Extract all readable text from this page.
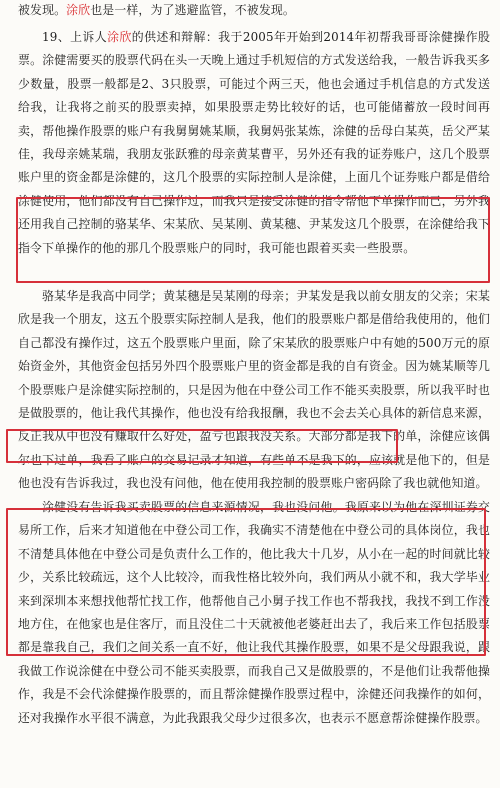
被发现。涂欣也是一样，为了逃避监管，不被发现。
19、上诉人涂欣的供述和辩解：我于2005年开始到2014年初帮我哥哥涂健操作股票。涂健需要买的股票代码在头一天晚上通过手机短信的方式发送给我，一般告诉我买多少数量，股票一般都是2、3只股票，可能过个两三天，他也会通过手机信息的方式发送给我，让我将之前买的股票卖掉，如果股票走势比较好的话，也可能储蓄放一段时间再卖，帮他操作股票的账户有我舅舅姚某顺，我舅妈张某炼，涂健的岳母白某英，岳父严某佳，我母亲姚某瑞，我朋友张跃雅的母亲黄某曹平，另外还有我的证券账户，这几个股票账户里的资金都是涂健的，这几个股票的实际控制人是涂健，上面几个证券账户都是借给涂健使用，他们都没有自己操作过，而我只是接受涂健的指令帮他下单操作而已，另外我还用我自己控制的骆某华、宋某欣、吴某刚、黄某穗、尹某发这几个股票，在涂健给我下指令下单操作的他的那几个股票账户的同时，我可能也跟着买卖一些股票。
骆某华是我高中同学；黄某穗是吴某刚的母亲；尹某发是我以前女朋友的父亲；宋某欣是我一个朋友，这五个股票实际控制人是我，他们的股票账户都是借给我使用的，他们自己都没有操作过，这五个股票账户里面，除了宋某欣的股票账户中有她的500万元的原始资金外，其他资金包括另外四个股票账户里的资金都是我的自有资金。因为姚某顺等几个股票账户是涂健实际控制的，只是因为他在中登公司工作不能买卖股票，所以我平时也是做股票的，他让我代其操作，他也没有给我报酬，我也不会去关心具体的新信息来源，反正我从中也没有赚取什么好处，盈亏也跟我没关系。大部分都是我下的单，涂健应该偶尔也下过单，我看了账户的交易记录才知道，有些单不是我下的，应该就是他下的，但是他也没有告诉我过，我也没有问他，他在使用我控制的股票账户密码除了我也就他知道。
涂健没有告诉我买卖股票的信息来源情况，我也没问他。我原来以为他在深圳证券交易所工作，后来才知道他在中登公司工作，我确实不清楚他在中登公司的具体岗位，我也不清楚具体他在中登公司是负责什么工作的，他比我大十几岁，从小在一起的时间就比较少，关系比较疏远，这个人比较冷，而我性格比较外向，我们两从小就不和，我大学毕业来到深圳本来想找他帮忙找工作，他帮他自己小舅子找工作也不帮我找，我找不到工作没地方住，在他家也是住客厅，而且没住二十天就被他老婆赶出去了，我后来工作包括股票都是靠我自己，我们之间关系一直不好，他让我代其操作股票，如果不是父母跟我说，跟我做工作说涂健在中登公司不能买卖股票，而我自己又是做股票的，不是他们让我帮他操作，我是不会代涂健操作股票的，而且帮涂健操作股票过程中，涂健还问我操作的如何，还对我操作水平很不满意，为此我跟我父母少过很多次，也表示不愿意帮涂健操作股票。
